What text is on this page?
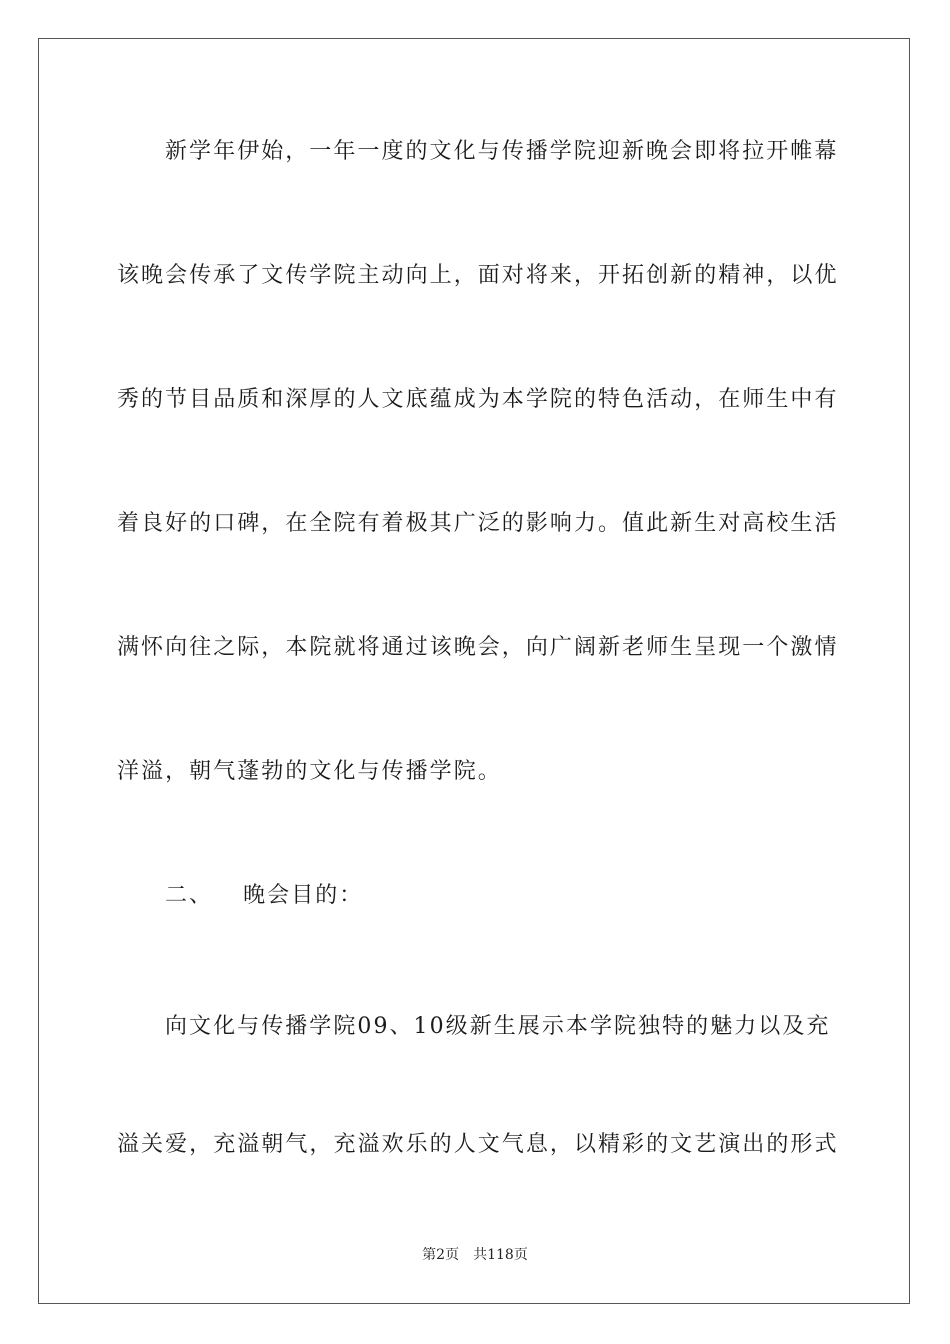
新学年伊始，一年一度的文化与传播学院迎新晚会即将拉开帷幕
该晚会传承了文传学院主动向上，面对将来，开拓创新的精神，以优
秀的节目品质和深厚的人文底蕴成为本学院的特色活动，在师生中有
着良好的口碑，在全院有着极其广泛的影响力。值此新生对高校生活
满怀向往之际，本院就将通过该晚会，向广阔新老师生呈现一个激情
洋溢，朝气蓬勃的文化与传播学院。
二、 晚会目的：
向文化与传播学院09、10级新生展示本学院独特的魅力以及充
溢关爱，充溢朝气，充溢欢乐的人文气息，以精彩的文艺演出的形式
第2页 共118页
